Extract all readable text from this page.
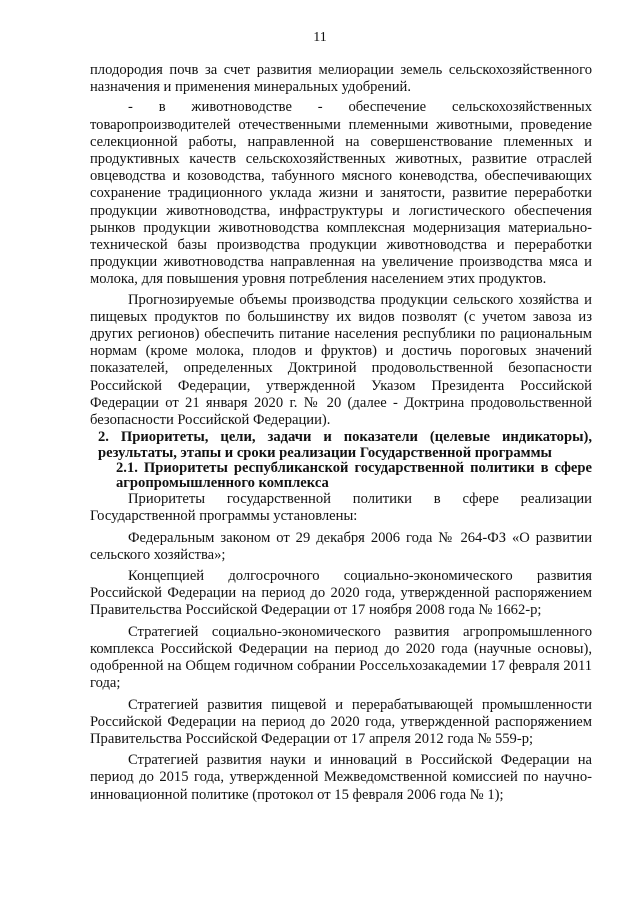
11

плодородия почв за счет развития мелиорации земель сельскохозяйственного назначения и применения минеральных удобрений.

- в животноводстве - обеспечение сельскохозяйственных товаропроизводителей отечественными племенными животными, проведение селекционной работы, направленной на совершенствование племенных и продуктивных качеств сельскохозяйственных животных, развитие отраслей овцеводства и козоводства, табунного мясного коневодства, обеспечивающих сохранение традиционного уклада жизни и занятости, развитие переработки продукции животноводства, инфраструктуры и логистического обеспечения рынков продукции животноводства комплексная модернизация материально-технической базы производства продукции животноводства и переработки продукции животноводства направленная на увеличение производства мяса и молока, для повышения уровня потребления населением этих продуктов.

Прогнозируемые объемы производства продукции сельского хозяйства и пищевых продуктов по большинству их видов позволят (с учетом завоза из других регионов) обеспечить питание населения республики по рациональным нормам (кроме молока, плодов и фруктов) и достичь пороговых значений показателей, определенных Доктриной продовольственной безопасности Российской Федерации, утвержденной Указом Президента Российской Федерации от 21 января 2020 г. № 20 (далее - Доктрина продовольственной безопасности Российской Федерации).

2. Приоритеты, цели, задачи и показатели (целевые индикаторы), результаты, этапы и сроки реализации Государственной программы

2.1. Приоритеты республиканской государственной политики в сфере агропромышленного комплекса

Приоритеты государственной политики в сфере реализации Государственной программы установлены:

Федеральным законом от 29 декабря 2006 года № 264-ФЗ «О развитии сельского хозяйства»;

Концепцией долгосрочного социально-экономического развития Российской Федерации на период до 2020 года, утвержденной распоряжением Правительства Российской Федерации от 17 ноября 2008 года № 1662-р;

Стратегией социально-экономического развития агропромышленного комплекса Российской Федерации на период до 2020 года (научные основы), одобренной на Общем годичном собрании Россельхозакадемии 17 февраля 2011 года;

Стратегией развития пищевой и перерабатывающей промышленности Российской Федерации на период до 2020 года, утвержденной распоряжением Правительства Российской Федерации от 17 апреля 2012 года № 559-р;

Стратегией развития науки и инноваций в Российской Федерации на период до 2015 года, утвержденной Межведомственной комиссией по научно-инновационной политике (протокол от 15 февраля 2006 года № 1);
